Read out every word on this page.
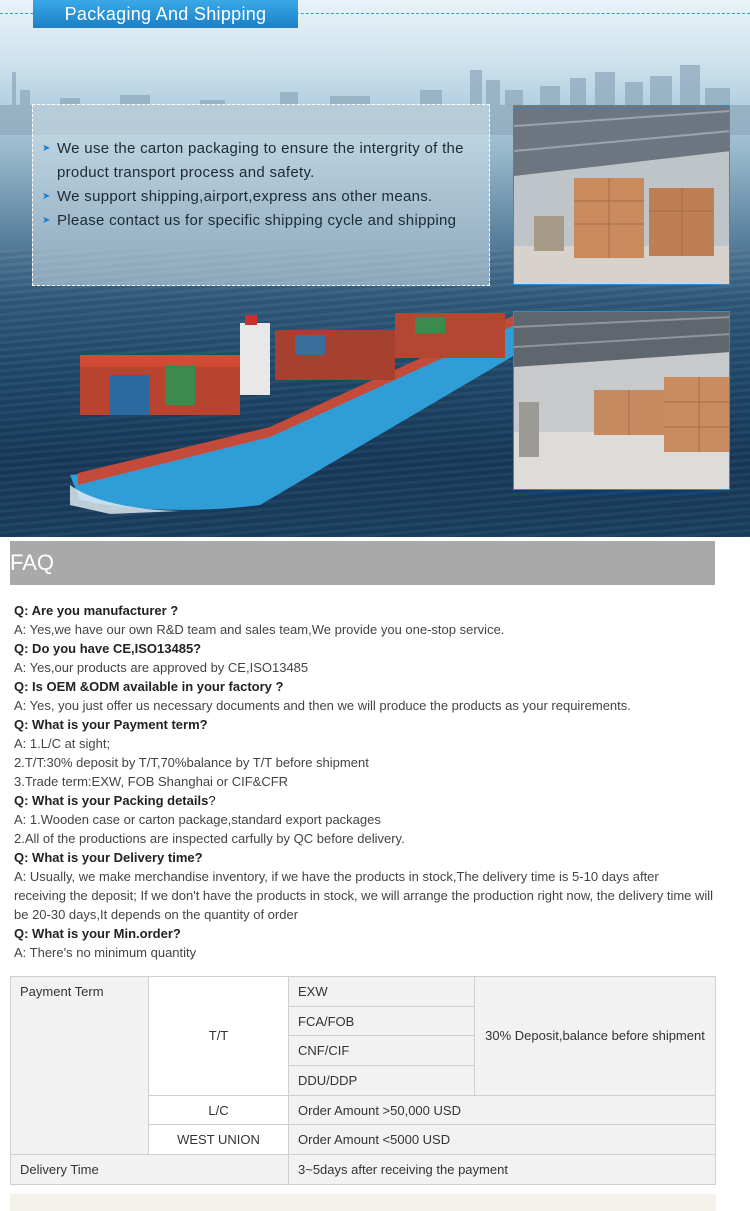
Packaging And Shipping
➤ We use the carton packaging to ensure the intergrity of the product transport process and safety.
➤ We support shipping,airport,express ans other means.
➤ Please contact us for specific shipping cycle and shipping
FAQ
Q: Are you manufacturer ?
A: Yes,we have our own R&D team and sales team,We provide you one-stop service.
Q: Do you have CE,ISO13485?
A: Yes,our products are approved by CE,ISO13485
Q: Is OEM &ODM available in your factory ?
A: Yes, you just offer us necessary documents and then we will produce the products as your requirements.
Q: What is your Payment term?
A: 1.L/C at sight;
2.T/T:30% deposit by T/T,70%balance by T/T before shipment
3.Trade term:EXW, FOB Shanghai or CIF&CFR
Q: What is your Packing details?
A: 1.Wooden case or carton package,standard export packages
2.All of the productions are inspected carfully by QC before delivery.
Q: What is your Delivery time?
A: Usually, we make merchandise inventory, if we have the products in stock,The delivery time is 5-10 days after receiving the deposit; If we don't have the products in stock, we will arrange the production right now, the delivery time will be 20-30 days,It depends on the quantity of order
Q: What is your Min.order?
A: There's no minimum quantity
Payment Term	T/T	EXW	30% Deposit,balance before shipment
		FCA/FOB	
		CNF/CIF	
		DDU/DDP	
	L/C	Order Amount >50,000 USD	
	WEST UNION	Order Amount <5000 USD	
Delivery Time		3~5days after receiving the payment	
